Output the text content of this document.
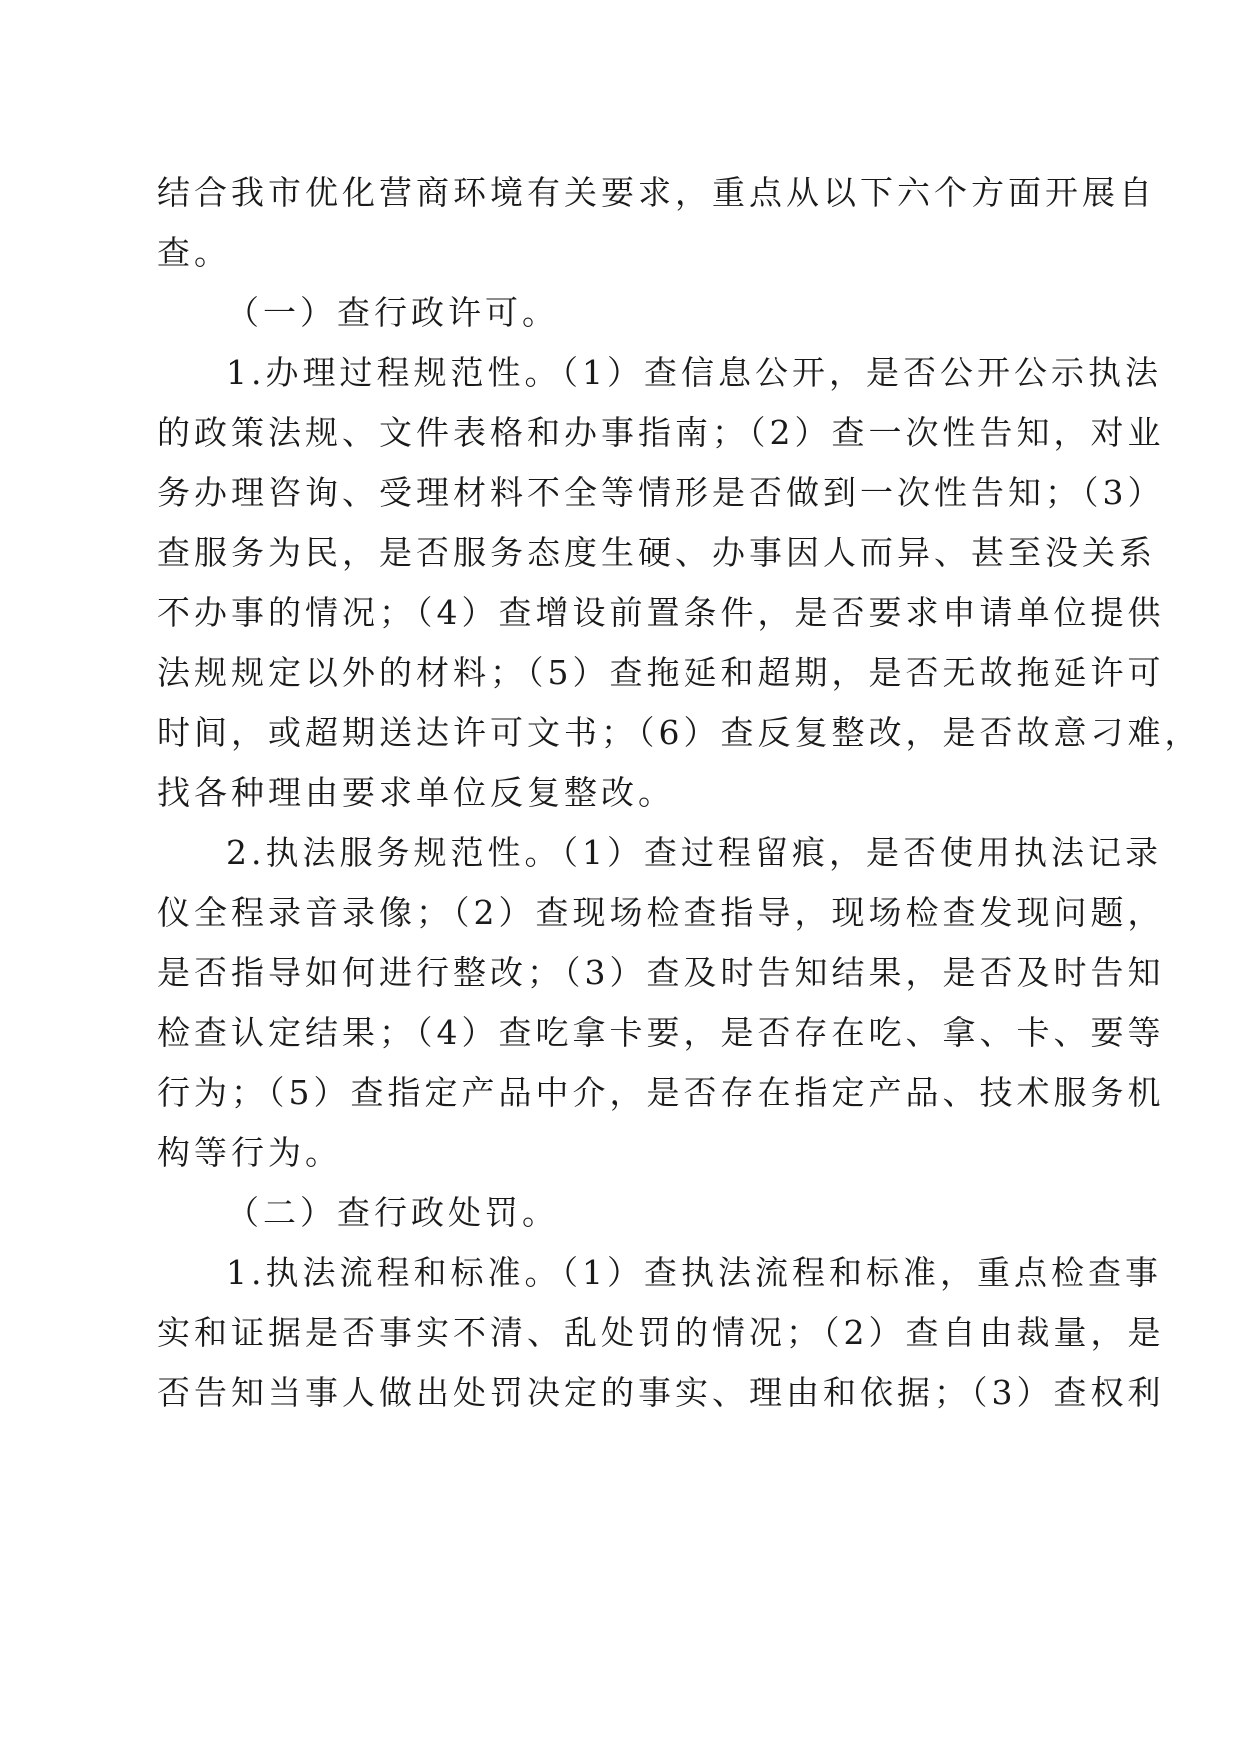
结合我市优化营商环境有关要求，重点从以下六个方面开展自
查。
（一）查行政许可。
1.办理过程规范性。（1）查信息公开，是否公开公示执法
的政策法规、文件表格和办事指南；（2）查一次性告知，对业
务办理咨询、受理材料不全等情形是否做到一次性告知；（3）
查服务为民，是否服务态度生硬、办事因人而异、甚至没关系
不办事的情况；（4）查增设前置条件，是否要求申请单位提供
法规规定以外的材料；（5）查拖延和超期，是否无故拖延许可
时间，或超期送达许可文书；（6）查反复整改，是否故意刁难，
找各种理由要求单位反复整改。
2.执法服务规范性。（1）查过程留痕，是否使用执法记录
仪全程录音录像；（2）查现场检查指导，现场检查发现问题，
是否指导如何进行整改；（3）查及时告知结果，是否及时告知
检查认定结果；（4）查吃拿卡要，是否存在吃、拿、卡、要等
行为；（5）查指定产品中介，是否存在指定产品、技术服务机
构等行为。
（二）查行政处罚。
1.执法流程和标准。（1）查执法流程和标准，重点检查事
实和证据是否事实不清、乱处罚的情况；（2）查自由裁量，是
否告知当事人做出处罚决定的事实、理由和依据；（3）查权利
